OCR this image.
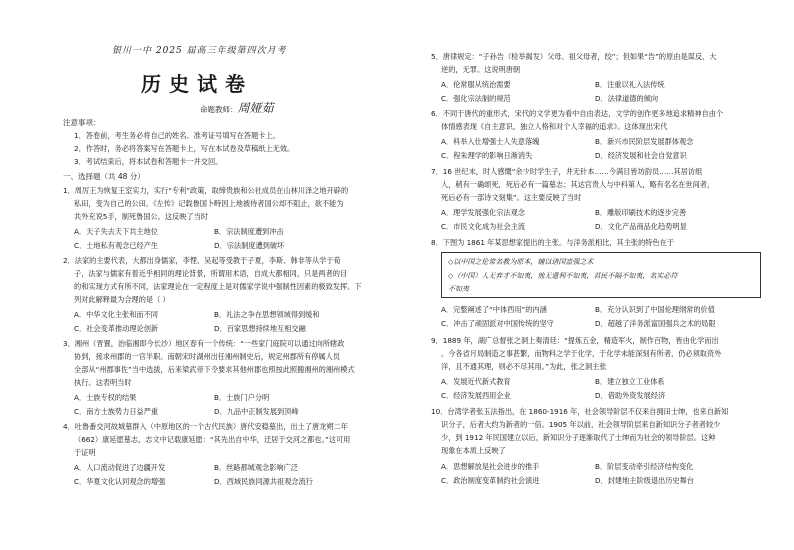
银川一中 2025 届高三年级第四次月考
历史试卷
命题教师：周娅茹
注意事项：
1．答卷前，考生务必将自己的姓名、准考证号填写在答题卡上。
2．作答时，务必将答案写在答题卡上，写在本试卷及草稿纸上无效。
3．考试结束后，将本试卷和答题卡一并交回。
一、选择题（共 48 分）
1．周厉王为恢复王室实力，实行“专利”政策，取缔贵族和公社成员在山林川泽之地开辟的
私田，变为自己的公田。《左传》记载鲁国卜畤因上地被侍者国公却不阻止，欲不能为
共外充说5手，制死鲁国公。这反映了当时
A．天子失去天下共主地位	B．宗法制度遭到冲击
C．土地私有观念已经产生	D．宗法制度遭到破坏
2．法家的主要代表，大都出身儒家，李悝、吴起等受教于子夏，李斯、韩非等从学于荀
子，法家与儒家有着近乎相同的理论背景，所谓用术语，自成大都相同，只是两者的目
的和实现方式有所不同，法家理论在一定程度上是对儒家学说中强制性因素的极致发挥。下
列对此解释最为合理的是（ ）
A．中华文化主张和而不同	B．礼法之争在思想领域得到缓和
C．社会变革推动理论创新	D．百家思想持续地互相交融
3．湘州（晋置，治临湘即今长沙）地区春有一个传统：“一些家门庭院可以通过向所辖政
协到，接求州郡的一官半职。南朝宋时湖州出任湘州制史后，规定州郡所有停属人员
全部从“州郡事佐”当中选拔，后来梁武帝下令要求其他州郡也照按此照搬湘州的湘州模式
执行。这表明当时
A．士族专权的结果	B．士族门户分明
C．南方士族势力日益严重	D．九品中正制发展到顶峰
4．吐鲁番交河故城墓群入（中原地区的一个古代民族）唐代安稳墓出，出土了唐龙朔二年
（662）康延愿墓志，志文中记载康延愿：“其先出自中华，迁居于交河之都也。”这可用
于证明
A．人口流动促进了边疆开发	B．丝路都城观念影响广泛
C．华夏文化认同观念的增强	D．西域民族同源共祖观念流行
5．唐律规定：“子孙告（检举揭发）父母、祖父母者，绞”；但如果“告”的原由是谋反、大
逆的，无罪。这说明唐朝
A．伦常服从统治需要	B．注重以礼入法传统
C．强化宗法制的规范	D．法律道德的倾向
6．不同于唐代的重形式，宋代的文学更为看中自由表达，文学的创作更多地追求精神自由个
体情感表现《自主意识、独立人格和对个人幸福的追求》。这体现出宋代
A．科举入仕增强士人失意落魄	B．新兴市民阶层发展群体观念
C．程朱理学的影响日渐消失	D．经济发展和社会自觉意识
7．16 世纪末，时人感慨“余少时学生子，井无针本……今满目皆坊韵员……其居访组
人，稍有一确颂死，死后必有一篇墓志；其达官贵人与中科第人，略有名名在世间者，
死后必有一部诗文刻集”。这主要反映了当时
A．理学发展强化宗法观念	B．雕版印刷技术的逐步完善
C．市民文化成为社会主流	D．文化产品商品化趋势明显
8．下图为 1861 年某思想家提出的主张。与洋务派相比，其主张的特色在于
◇以中国之伦常名教为原本，辅以诸国富强之术
◇（中国）人无弃才不如夷，地无遗利不如夷，君民不隔不如夷，名实必符
不如夷
A．完整阐述了“中体西用”的内涵	B．充分认识到了中国伦理纲常的价值
C．冲击了顽固派对中国传统的坚守	D．超越了洋务派富国强兵之术的局限
9．1889 年，湖广总督张之洞上奏清廷：“提炼五金，精造军火，制作百物，皆由化学而出
。今各省月局制造之事甚繁，而物料之学于化学，于化学未能深刻有所者，仍必须取资外
洋，且不通其理，则必不尽其用。”为此，张之洞主张
A．发展近代新式教育	B．建立独立工业体系
C．经济发展西用企业	D．借助外资发展经济
10．台湾学者张玉法指出，在 1860-1916 年，社会领导阶层不仅来自拥田士绅，也来自新知
识分子，后者大约为新者的一倍。1905 年以前，社会领导阶层来自新知识分子者者较少
少，到 1912 年民国建立以后，新知识分子逐渐取代了士绅而为社会的领导阶层。这种
现象在本质上反映了
A．思想解放是社会进步的推手	B．阶层变动牵引经济结构变化
C．政治制度变革制约社会演进	D．封建地主阶级退出历史舞台
